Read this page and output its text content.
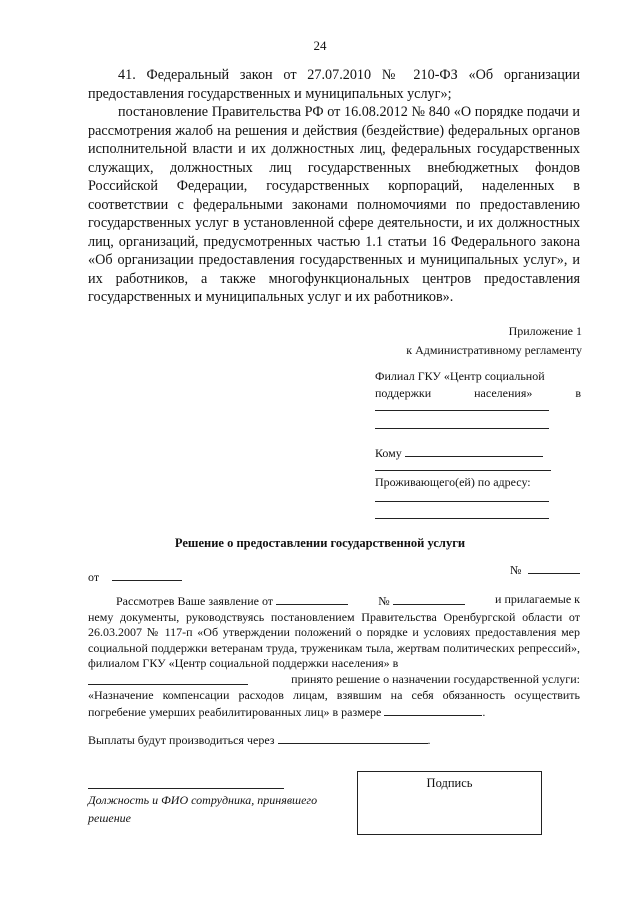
24

41. Федеральный закон от 27.07.2010 № 210-ФЗ «Об организации предоставления государственных и муниципальных услуг»;

постановление Правительства РФ от 16.08.2012 № 840 «О порядке подачи и рассмотрения жалоб на решения и действия (бездействие) федеральных органов исполнительной власти и их должностных лиц, федеральных государственных служащих, должностных лиц государственных внебюджетных фондов Российской Федерации, государственных корпораций, наделенных в соответствии с федеральными законами полномочиями по предоставлению государственных услуг в установленной сфере деятельности, и их должностных лиц, организаций, предусмотренных частью 1.1 статьи 16 Федерального закона «Об организации предоставления государственных и муниципальных услуг», и их работников, а также многофункциональных центров предоставления государственных и муниципальных услуг и их работников».

Приложение 1
к Административному регламенту
Филиал ГКУ «Центр социальной
поддержки	населения»	в
Кому
Проживающего(ей) по адресу:
Решение о предоставлении государственной услуги
от	№
Рассмотрев Ваше заявление от	№	и прилагаемые к

нему документы, руководствуясь постановлением Правительства Оренбургской области от 26.03.2007 № 117-п «Об утверждении положений о порядке и условиях предоставления мер социальной поддержки ветеранам труда, труженикам тыла, жертвам политических репрессий», филиалом ГКУ «Центр социальной поддержки населения» в

принято решение о назначении государственной услуги:

«Назначение компенсации расходов лицам, взявшим на себя обязанность осуществить погребение умерших реабилитированных лиц» в размере	.

Выплаты будут производиться через	.
Должность и ФИО сотрудника, принявшего решение
Подпись
